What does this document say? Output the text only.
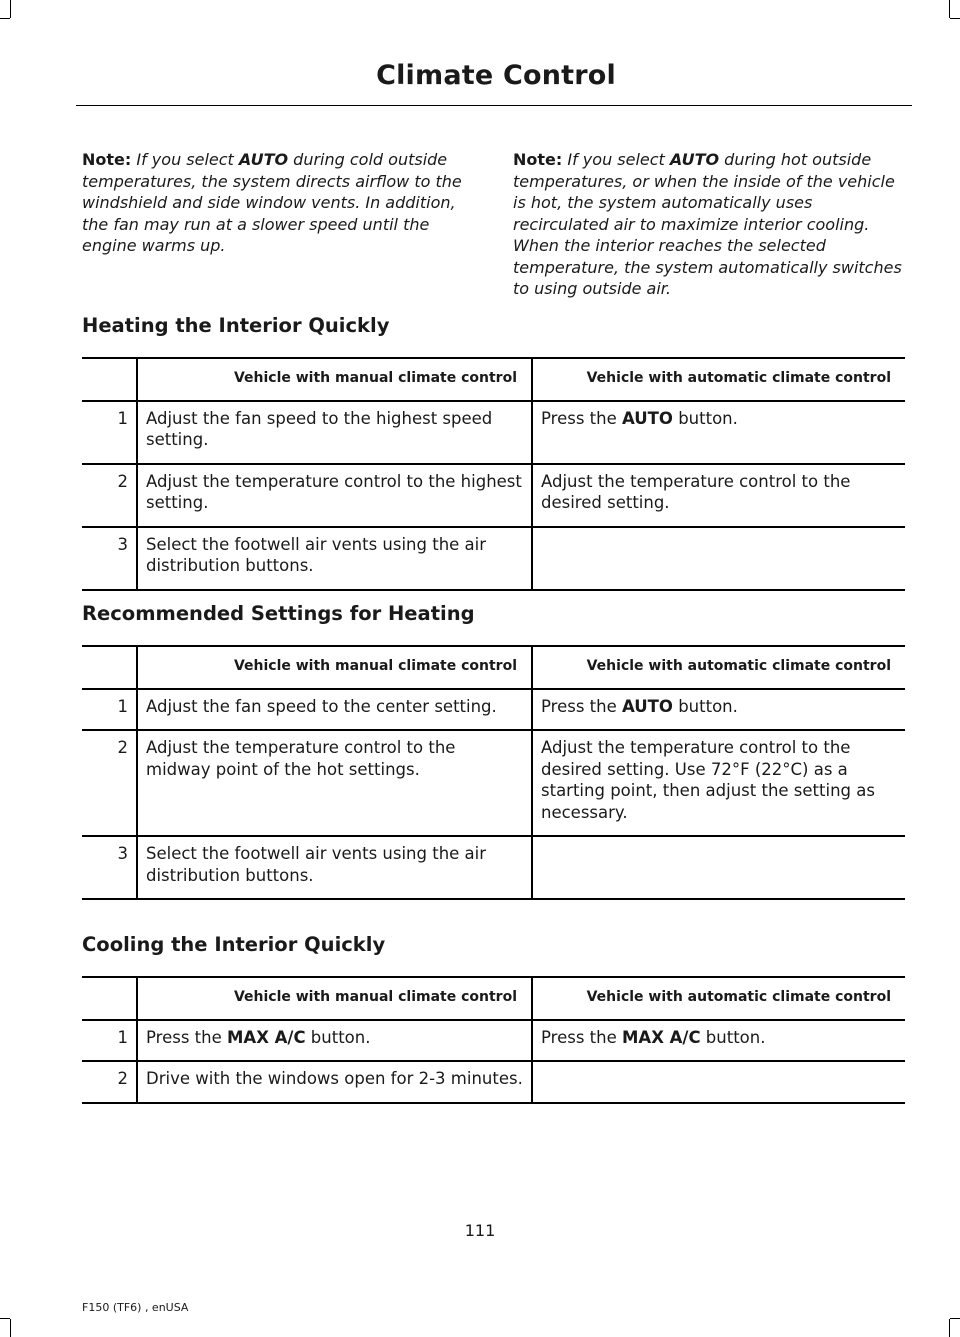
Climate Control
Note: If you select AUTO during cold outside temperatures, the system directs airflow to the windshield and side window vents. In addition, the fan may run at a slower speed until the engine warms up.
Note: If you select AUTO during hot outside temperatures, or when the inside of the vehicle is hot, the system automatically uses recirculated air to maximize interior cooling. When the interior reaches the selected temperature, the system automatically switches to using outside air.
Heating the Interior Quickly
	Vehicle with manual climate control	Vehicle with automatic climate control
1	Adjust the fan speed to the highest speed setting.	Press the AUTO button.
2	Adjust the temperature control to the highest setting.	Adjust the temperature control to the desired setting.
3	Select the footwell air vents using the air distribution buttons.	
Recommended Settings for Heating
	Vehicle with manual climate control	Vehicle with automatic climate control
1	Adjust the fan speed to the center setting.	Press the AUTO button.
2	Adjust the temperature control to the midway point of the hot settings.	Adjust the temperature control to the desired setting. Use 72°F (22°C) as a starting point, then adjust the setting as necessary.
3	Select the footwell air vents using the air distribution buttons.	
Cooling the Interior Quickly
	Vehicle with manual climate control	Vehicle with automatic climate control
1	Press the MAX A/C button.	Press the MAX A/C button.
2	Drive with the windows open for 2-3 minutes.	
111
F150 (TF6) , enUSA
